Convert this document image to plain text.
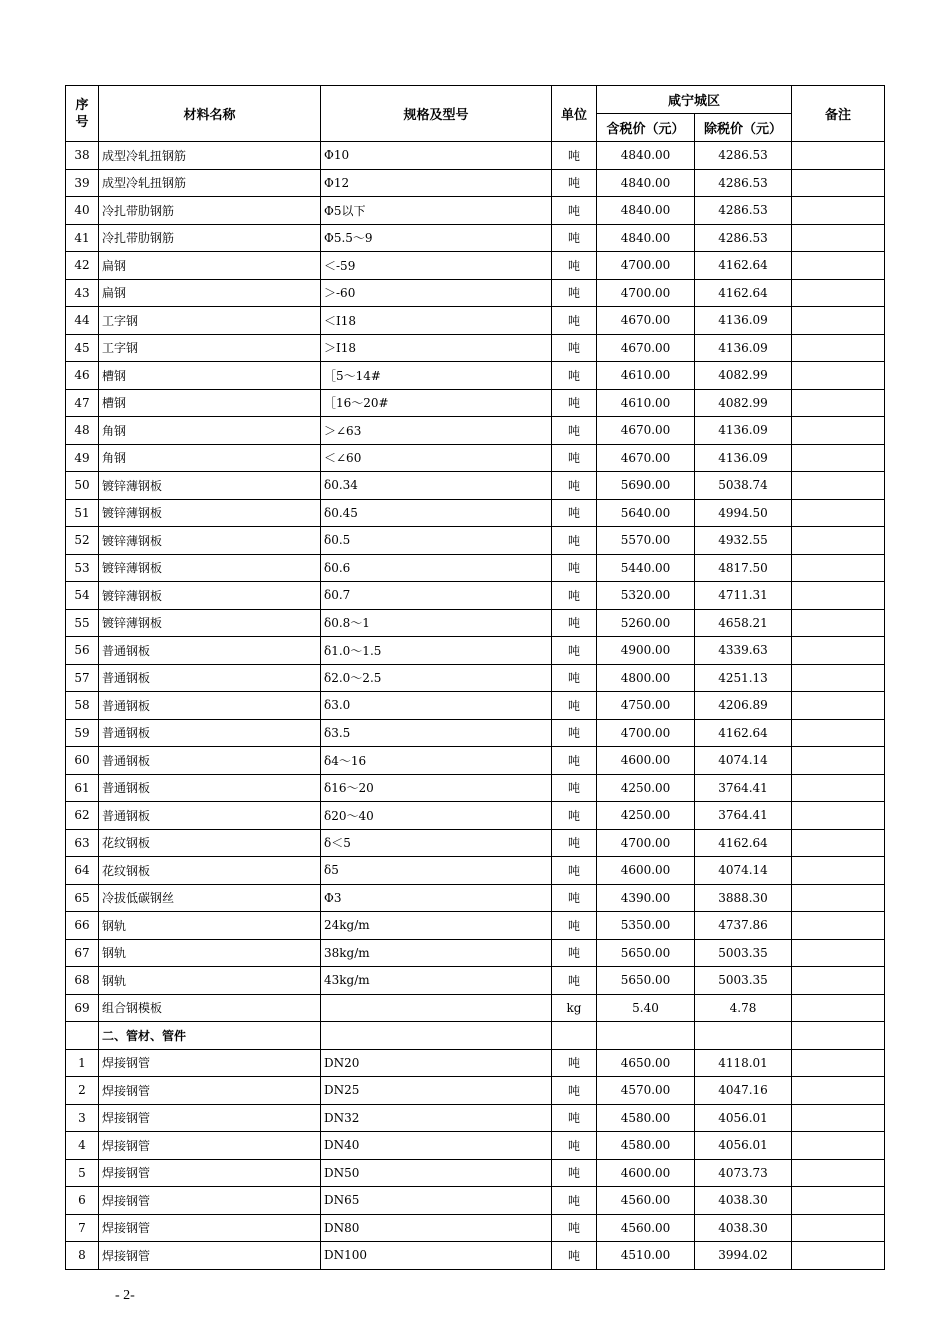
序
号	材料名称	规格及型号	单位	咸宁城区		备注
				含税价（元）	除税价（元）	
38	成型冷轧扭钢筋	Φ10	吨	4840.00	4286.53	
39	成型冷轧扭钢筋	Φ12	吨	4840.00	4286.53	
40	冷扎带肋钢筋	Φ5以下	吨	4840.00	4286.53	
41	冷扎带肋钢筋	Φ5.5～9	吨	4840.00	4286.53	
42	扁钢	＜-59	吨	4700.00	4162.64	
43	扁钢	＞-60	吨	4700.00	4162.64	
44	工字钢	＜Ⅰ18	吨	4670.00	4136.09	
45	工字钢	＞Ⅰ18	吨	4670.00	4136.09	
46	槽钢	［5～14#	吨	4610.00	4082.99	
47	槽钢	［16～20#	吨	4610.00	4082.99	
48	角钢	＞∠63	吨	4670.00	4136.09	
49	角钢	＜∠60	吨	4670.00	4136.09	
50	镀锌薄钢板	δ0.34	吨	5690.00	5038.74	
51	镀锌薄钢板	δ0.45	吨	5640.00	4994.50	
52	镀锌薄钢板	δ0.5	吨	5570.00	4932.55	
53	镀锌薄钢板	δ0.6	吨	5440.00	4817.50	
54	镀锌薄钢板	δ0.7	吨	5320.00	4711.31	
55	镀锌薄钢板	δ0.8～1	吨	5260.00	4658.21	
56	普通钢板	δ1.0～1.5	吨	4900.00	4339.63	
57	普通钢板	δ2.0～2.5	吨	4800.00	4251.13	
58	普通钢板	δ3.0	吨	4750.00	4206.89	
59	普通钢板	δ3.5	吨	4700.00	4162.64	
60	普通钢板	δ4～16	吨	4600.00	4074.14	
61	普通钢板	δ16～20	吨	4250.00	3764.41	
62	普通钢板	δ20～40	吨	4250.00	3764.41	
63	花纹钢板	δ＜5	吨	4700.00	4162.64	
64	花纹钢板	δ5	吨	4600.00	4074.14	
65	冷拔低碳钢丝	Φ3	吨	4390.00	3888.30	
66	钢轨	24kg/m	吨	5350.00	4737.86	
67	钢轨	38kg/m	吨	5650.00	5003.35	
68	钢轨	43kg/m	吨	5650.00	5003.35	
69	组合钢模板		kg	5.40	4.78	
	二、管材、管件					
1	焊接钢管	DN20	吨	4650.00	4118.01	
2	焊接钢管	DN25	吨	4570.00	4047.16	
3	焊接钢管	DN32	吨	4580.00	4056.01	
4	焊接钢管	DN40	吨	4580.00	4056.01	
5	焊接钢管	DN50	吨	4600.00	4073.73	
6	焊接钢管	DN65	吨	4560.00	4038.30	
7	焊接钢管	DN80	吨	4560.00	4038.30	
8	焊接钢管	DN100	吨	4510.00	3994.02	
- 2-
